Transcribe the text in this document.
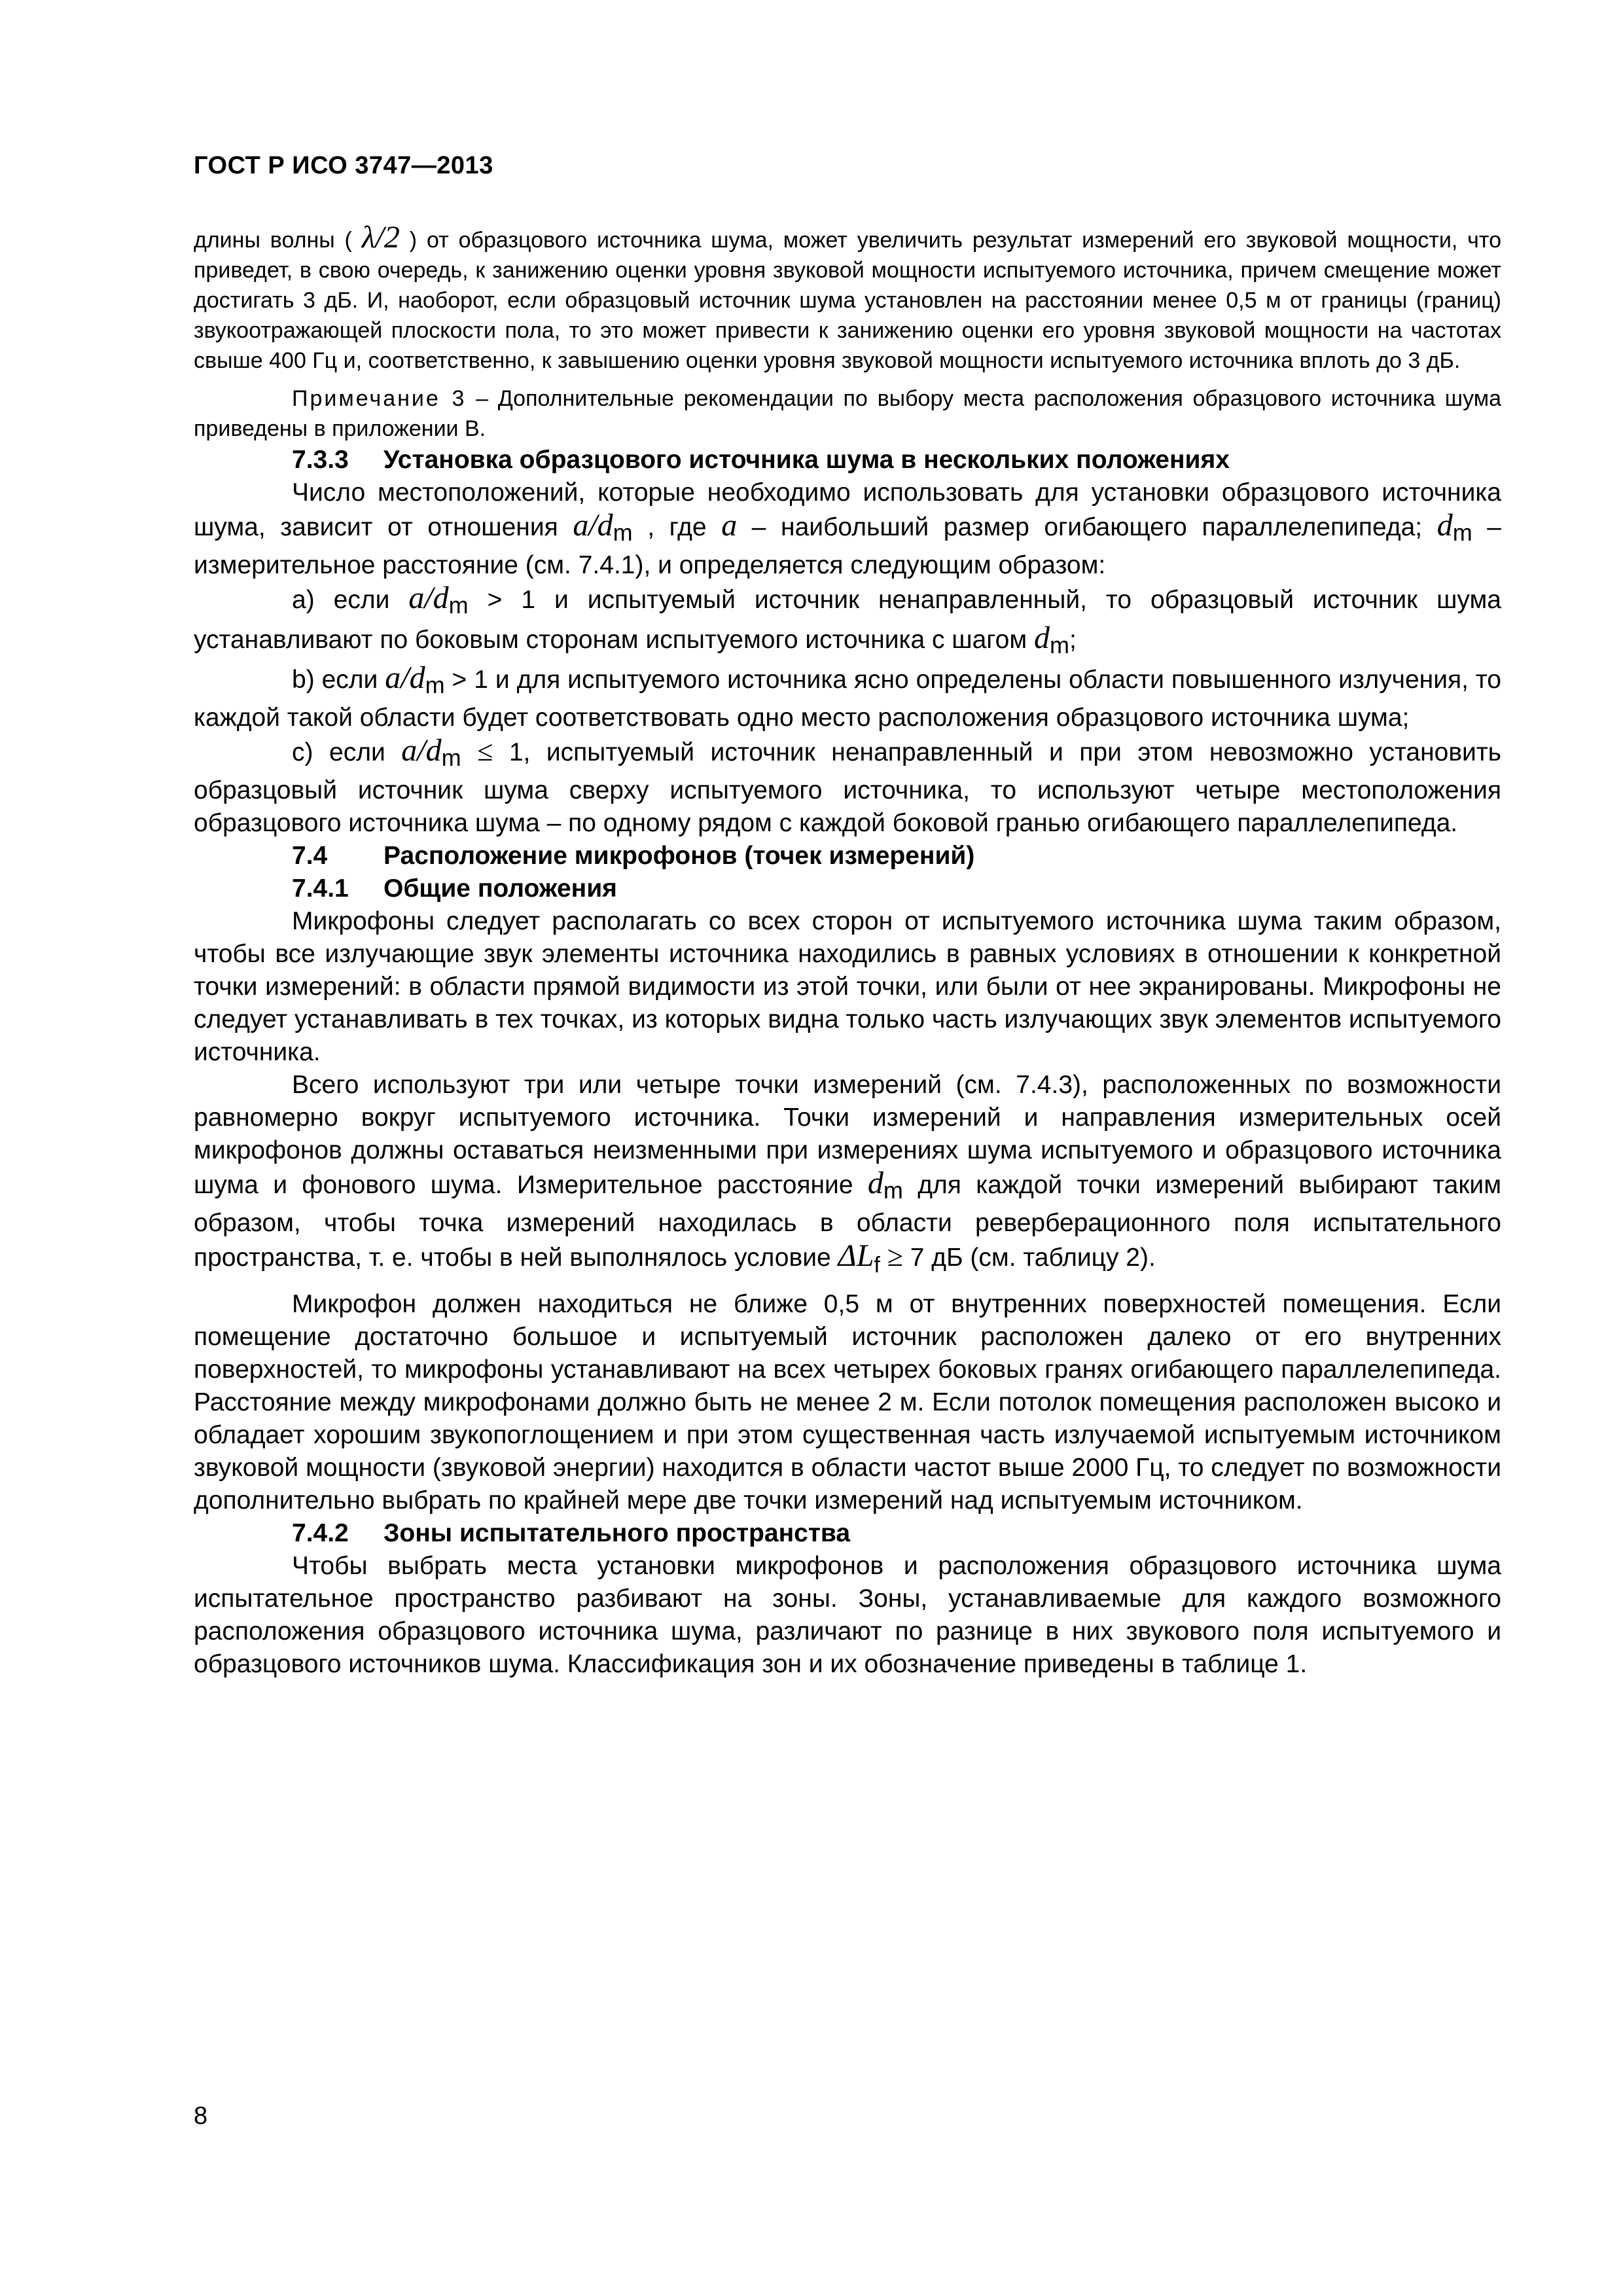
ГОСТ Р ИСО 3747—2013

длины волны ( λ/2 ) от образцового источника шума, может увеличить результат измерений его звуковой мощности, что приведет, в свою очередь, к занижению оценки уровня звуковой мощности испытуемого источника, причем смещение может достигать 3 дБ. И, наоборот, если образцовый источник шума установлен на расстоянии менее 0,5 м от границы (границ) звукоотражающей плоскости пола, то это может привести к занижению оценки его уровня звуковой мощности на частотах свыше 400 Гц и, соответственно, к завышению оценки уровня звуковой мощности испытуемого источника вплоть до 3 дБ.

Примечание 3 – Дополнительные рекомендации по выбору места расположения образцового источника шума приведены в приложении В.

7.3.3 Установка образцового источника шума в нескольких положениях

Число местоположений, которые необходимо использовать для установки образцового источника шума, зависит от отношения $a/d_m$ , где a – наибольший размер огибающего параллелепипеда; $d_m$ – измерительное расстояние (см. 7.4.1), и определяется следующим образом:

a) если $a/d_m > 1$ и испытуемый источник ненаправленный, то образцовый источник шума устанавливают по боковым сторонам испытуемого источника с шагом $d_m$;

b) если $a/d_m > 1$ и для испытуемого источника ясно определены области повышенного излучения, то каждой такой области будет соответствовать одно место расположения образцового источника шума;

c) если $a/d_m \le 1$, испытуемый источник ненаправленный и при этом невозможно установить образцовый источник шума сверху испытуемого источника, то используют четыре местоположения образцового источника шума – по одному рядом с каждой боковой гранью огибающего параллелепипеда.

7.4 Расположение микрофонов (точек измерений)
7.4.1 Общие положения

Микрофоны следует располагать со всех сторон от испытуемого источника шума таким образом, чтобы все излучающие звук элементы источника находились в равных условиях в отношении к конкретной точки измерений: в области прямой видимости из этой точки, или были от нее экранированы. Микрофоны не следует устанавливать в тех точках, из которых видна только часть излучающих звук элементов испытуемого источника.

Всего используют три или четыре точки измерений (см. 7.4.3), расположенных по возможности равномерно вокруг испытуемого источника. Точки измерений и направления измерительных осей микрофонов должны оставаться неизменными при измерениях шума испытуемого и образцового источника шума и фонового шума. Измерительное расстояние $d_m$ для каждой точки измерений выбирают таким образом, чтобы точка измерений находилась в области реверберационного поля испытательного пространства, т. е. чтобы в ней выполнялось условие $\Delta L_f \ge 7$ дБ (см. таблицу 2).

Микрофон должен находиться не ближе 0,5 м от внутренних поверхностей помещения. Если помещение достаточно большое и испытуемый источник расположен далеко от его внутренних поверхностей, то микрофоны устанавливают на всех четырех боковых гранях огибающего параллелепипеда. Расстояние между микрофонами должно быть не менее 2 м. Если потолок помещения расположен высоко и обладает хорошим звукопоглощением и при этом существенная часть излучаемой испытуемым источником звуковой мощности (звуковой энергии) находится в области частот выше 2000 Гц, то следует по возможности дополнительно выбрать по крайней мере две точки измерений над испытуемым источником.

7.4.2 Зоны испытательного пространства

Чтобы выбрать места установки микрофонов и расположения образцового источника шума испытательное пространство разбивают на зоны. Зоны, устанавливаемые для каждого возможного расположения образцового источника шума, различают по разнице в них звукового поля испытуемого и образцового источников шума. Классификация зон и их обозначение приведены в таблице 1.

8
